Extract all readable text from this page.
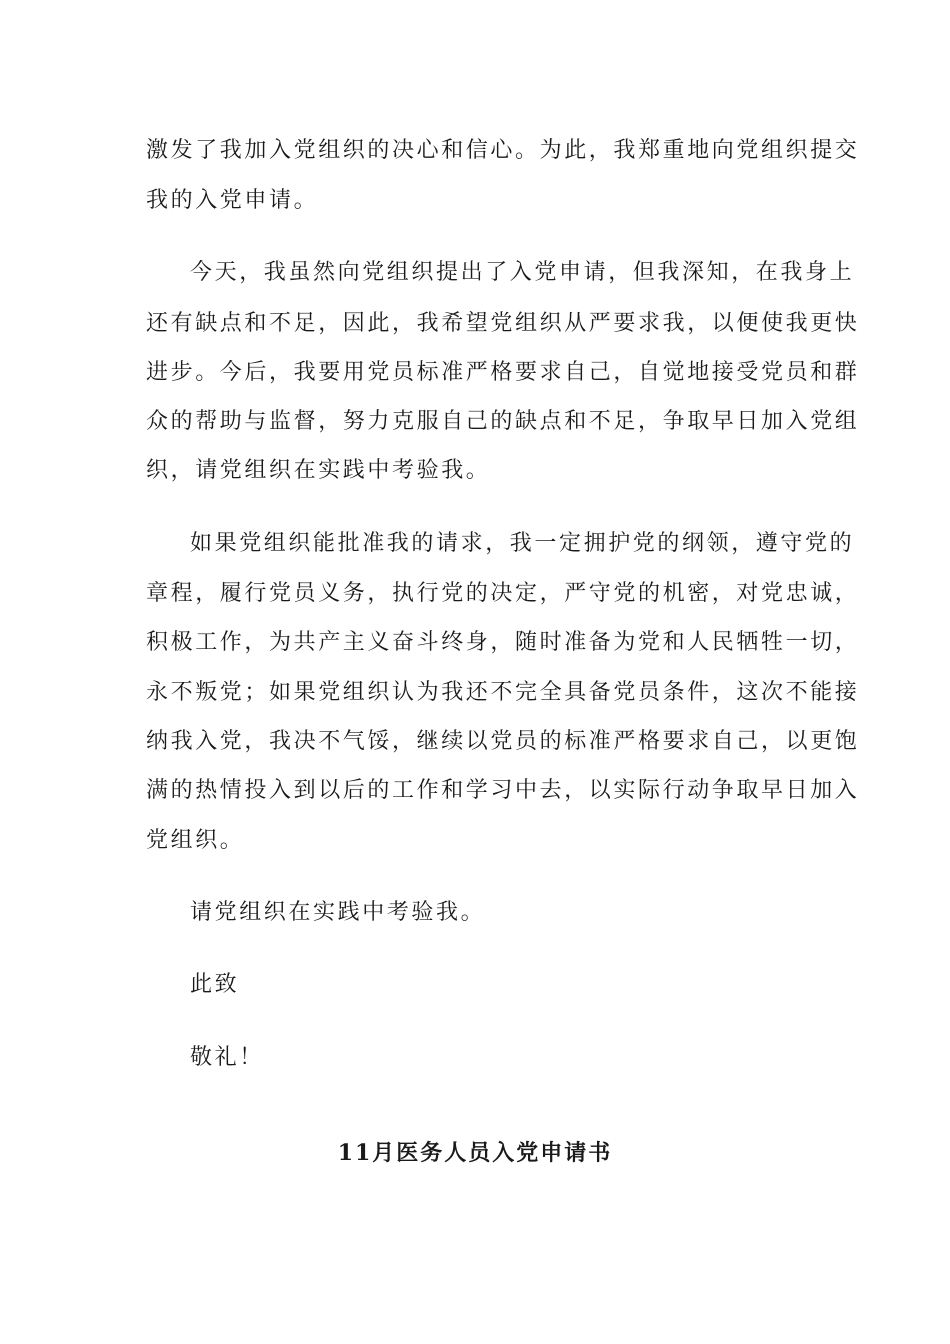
激发了我加入党组织的决心和信心。为此，我郑重地向党组织提交
我的入党申请。
今天，我虽然向党组织提出了入党申请，但我深知，在我身上
还有缺点和不足，因此，我希望党组织从严要求我，以便使我更快
进步。今后，我要用党员标准严格要求自己，自觉地接受党员和群
众的帮助与监督，努力克服自己的缺点和不足，争取早日加入党组
织，请党组织在实践中考验我。
如果党组织能批准我的请求，我一定拥护党的纲领，遵守党的
章程，履行党员义务，执行党的决定，严守党的机密，对党忠诚，
积极工作，为共产主义奋斗终身，随时准备为党和人民牺牲一切，
永不叛党；如果党组织认为我还不完全具备党员条件，这次不能接
纳我入党，我决不气馁，继续以党员的标准严格要求自己，以更饱
满的热情投入到以后的工作和学习中去，以实际行动争取早日加入
党组织。
请党组织在实践中考验我。
此致
敬礼！
11月医务人员入党申请书
